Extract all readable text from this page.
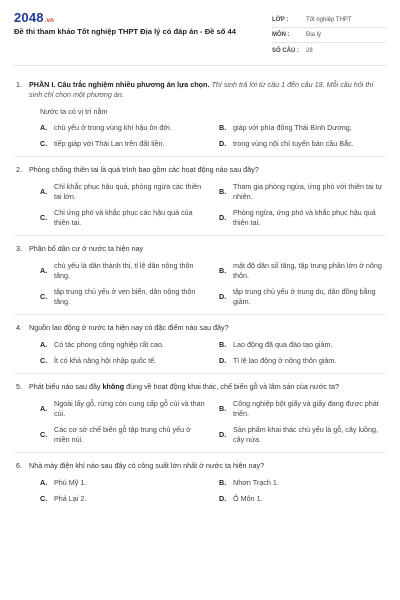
2048.vn
Đề thi tham khảo Tốt nghiệp THPT Địa lý có đáp án - Đề số 44
LỚP :	Tốt nghiệp THPT
MÔN :	Địa lý
SỐ CÂU :	28
1. PHẦN I. Câu trắc nghiệm nhiều phương án lựa chọn. Thí sinh trả lời từ câu 1 đến câu 18. Mỗi câu hỏi thí sinh chỉ chọn một phương án.
Nước ta có vị trí nằm
A. chủ yếu ở trong vùng khí hậu ôn đới.	B. giáp với phía đông Thái Bình Dương.
C. tiếp giáp với Thái Lan trên đất liền.	D. trong vùng nội chí tuyến bán cầu Bắc.
2. Phòng chống thiên tai là quá trình bao gồm các hoạt động nào sau đây?
A.
Chỉ khắc phục hậu quả, phòng ngừa các thiên tai lớn.
B.
Tham gia phòng ngừa, ứng phó với thiên tai tự nhiên.
C.
Chỉ ứng phó và khắc phục các hậu quả của thiên tai.
D.
Phòng ngừa, ứng phó và khắc phục hậu quả thiên tai.
3. Phân bố dân cư ở nước ta hiện nay
A.
chủ yếu là dân thành thị, tỉ lệ dân nông thôn tăng.
B.
mật độ dân số tăng, tập trung phần lớn ở nông thôn.
C.
tập trung chủ yếu ở ven biển, dân nông thôn tăng.
D.
tập trung chủ yếu ở trung du, dân đồng bằng giảm.
4. Nguồn lao động ở nước ta hiện nay có đặc điểm nào sau đây?
A. Có tác phong công nghiệp rất cao.	B. Lao động đã qua đào tạo giảm.
C. Ít có khả năng hội nhập quốc tế.	D. Tỉ lệ lao động ở nông thôn giảm.
5. Phát biểu nào sau đây không đúng về hoạt động khai thác, chế biến gỗ và lâm sản của nước ta?
A.
Ngoài lấy gỗ, rừng còn cung cấp gỗ củi và than củi.
B.
Công nghiệp bột giấy và giấy đang được phát triển.
C.
Các cơ sở chế biến gỗ tập trung chủ yếu ở miền núi.
D.
Sản phẩm khai thác chủ yếu là gỗ, cây luồng, cây nứa.
6. Nhà máy điện khí nào sau đây có công suất lớn nhất ở nước ta hiện nay?
A. Phú Mỹ 1.	B. Nhơn Trạch 1.
C. Phả Lại 2.	D. Ô Môn 1.
